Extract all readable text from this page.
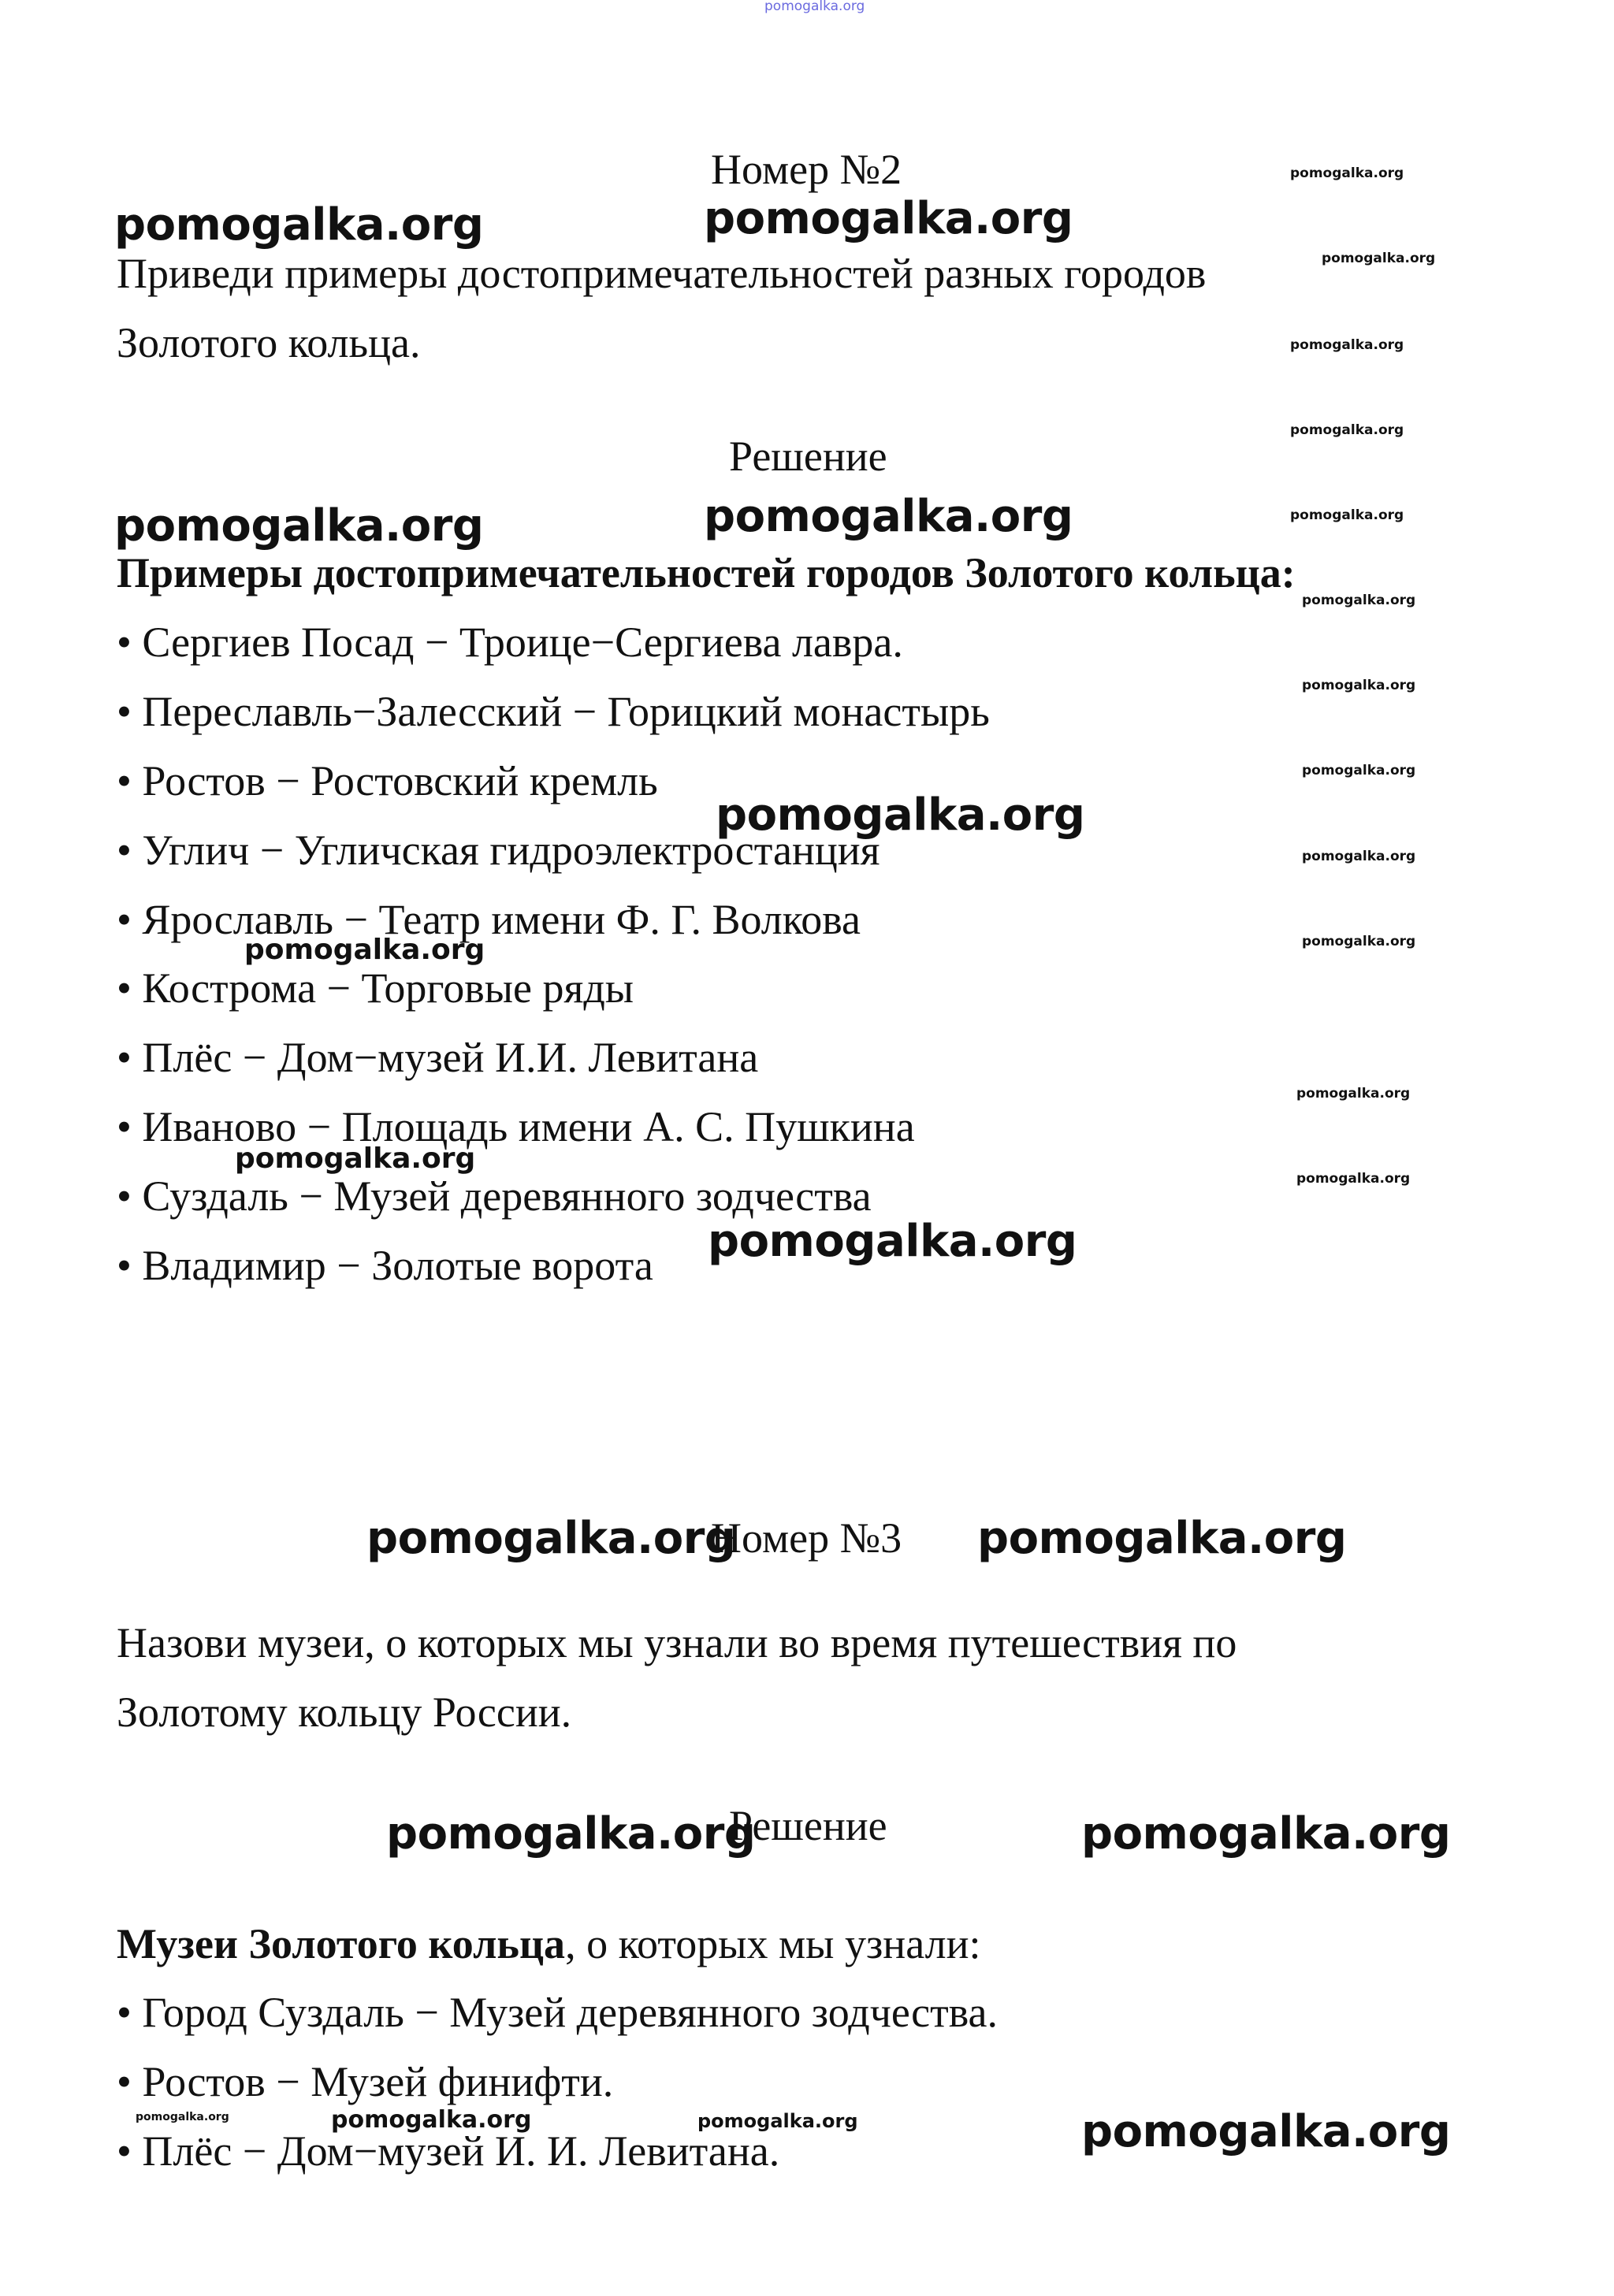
pomogalka.org
Номер №2
Приведи примеры достопримечательностей разных городов
Золотого кольца.
Решение
Примеры достопримечательностей городов Золотого кольца:
• Сергиев Посад − Троице−Сергиева лавра.
• Переславль−Залесский − Горицкий монастырь
• Ростов − Ростовский кремль
• Углич − Угличская гидроэлектростанция
• Ярославль − Театр имени Ф. Г. Волкова
• Кострома − Торговые ряды
• Плёс − Дом−музей И.И. Левитана
• Иваново − Площадь имени А. С. Пушкина
• Суздаль − Музей деревянного зодчества
• Владимир − Золотые ворота
Номер №3
Назови музеи, о которых мы узнали во время путешествия по
Золотому кольцу России.
Решение
Музеи Золотого кольца, о которых мы узнали:
• Город Суздаль − Музей деревянного зодчества.
• Ростов − Музей финифти.
• Плёс − Дом−музей И. И. Левитана.
pomogalka.org	pomogalka.org
pomogalka.org	pomogalka.org
pomogalka.org
pomogalka.org
pomogalka.org
pomogalka.org
pomogalka.org	pomogalka.org
pomogalka.org	pomogalka.org
pomogalka.org
pomogalka.org	pomogalka.org
pomogalka.org
pomogalka.org
pomogalka.org
pomogalka.org
pomogalka.org
pomogalka.org
pomogalka.org
pomogalka.org
pomogalka.org
pomogalka.org
pomogalka.org
pomogalka.org
pomogalka.org
